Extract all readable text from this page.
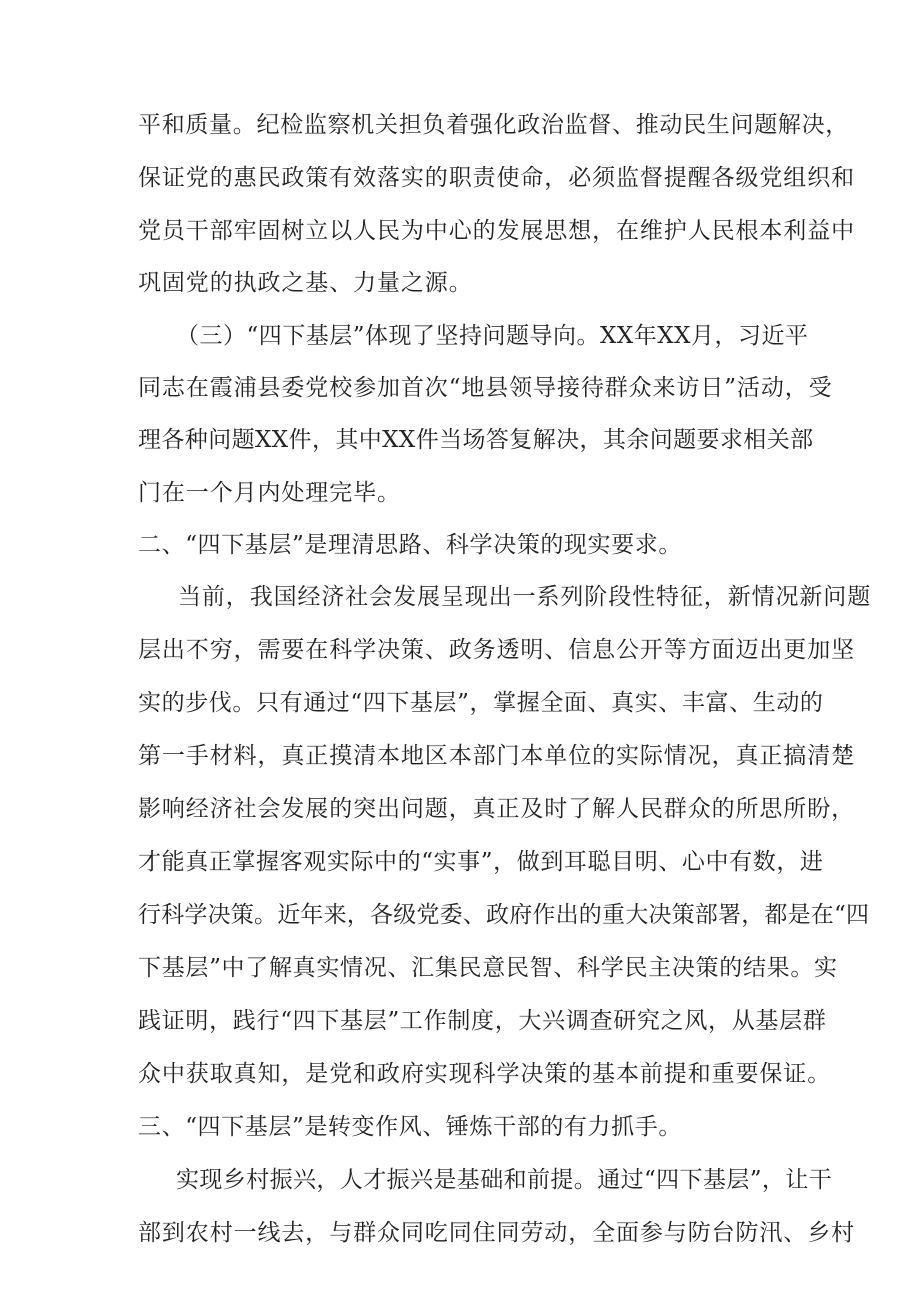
平和质量。纪检监察机关担负着强化政治监督、推动民生问题解决，

保证党的惠民政策有效落实的职责使命，必须监督提醒各级党组织和

党员干部牢固树立以人民为中心的发展思想，在维护人民根本利益中

巩固党的执政之基、力量之源。

（三）“四下基层”体现了坚持问题导向。XX年XX月，习近平

同志在霞浦县委党校参加首次“地县领导接待群众来访日”活动，受

理各种问题XX件，其中XX件当场答复解决，其余问题要求相关部

门在一个月内处理完毕。

二、“四下基层”是理清思路、科学决策的现实要求。

当前，我国经济社会发展呈现出一系列阶段性特征，新情况新问题

层出不穷，需要在科学决策、政务透明、信息公开等方面迈出更加坚

实的步伐。只有通过“四下基层”，掌握全面、真实、丰富、生动的

第一手材料，真正摸清本地区本部门本单位的实际情况，真正搞清楚

影响经济社会发展的突出问题，真正及时了解人民群众的所思所盼，

才能真正掌握客观实际中的“实事”，做到耳聪目明、心中有数，进

行科学决策。近年来，各级党委、政府作出的重大决策部署，都是在“四

下基层”中了解真实情况、汇集民意民智、科学民主决策的结果。实

践证明，践行“四下基层”工作制度，大兴调查研究之风，从基层群

众中获取真知，是党和政府实现科学决策的基本前提和重要保证。

三、“四下基层”是转变作风、锤炼干部的有力抓手。

实现乡村振兴，人才振兴是基础和前提。通过“四下基层”，让干

部到农村一线去，与群众同吃同住同劳动，全面参与防台防汛、乡村
